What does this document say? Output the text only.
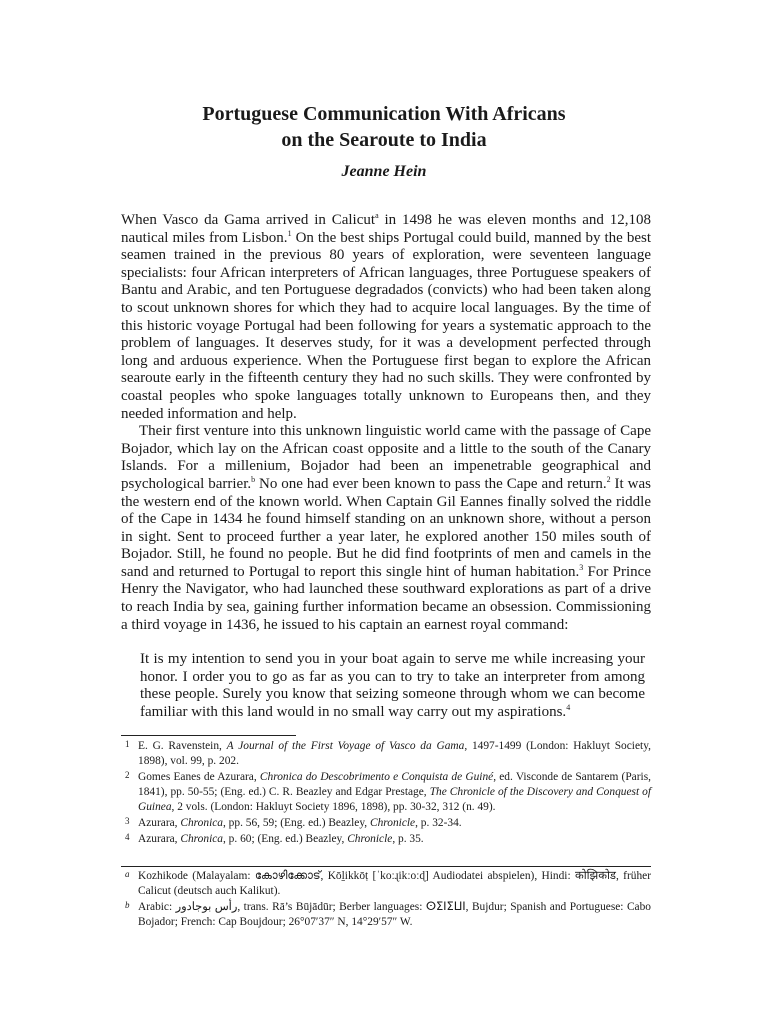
Portuguese Communication With Africans
on the Searoute to India
Jeanne Hein

When Vasco da Gama arrived in Calicut$^a$ in 1498 he was eleven months and 12,108 nautical miles from Lisbon.$^1$ On the best ships Portugal could build, manned by the best seamen trained in the previous 80 years of exploration, were seventeen language specialists: four African interpreters of African languages, three Portuguese speakers of Bantu and Arabic, and ten Portuguese degradados (convicts) who had been taken along to scout unknown shores for which they had to acquire local languages. By the time of this historic voyage Portugal had been following for years a systematic approach to the problem of languages. It deserves study, for it was a development perfected through long and arduous experience. When the Portuguese first began to explore the African searoute early in the fifteenth century they had no such skills. They were confronted by coastal peoples who spoke languages totally unknown to Europeans then, and they needed information and help.

Their first venture into this unknown linguistic world came with the passage of Cape Bojador, which lay on the African coast opposite and a little to the south of the Canary Islands. For a millenium, Bojador had been an impenetrable geographical and psychological barrier.$^b$ No one had ever been known to pass the Cape and return.$^2$ It was the western end of the known world. When Captain Gil Eannes finally solved the riddle of the Cape in 1434 he found himself standing on an unknown shore, without a person in sight. Sent to proceed further a year later, he explored another 150 miles south of Bojador. Still, he found no people. But he did find footprints of men and camels in the sand and returned to Portugal to report this single hint of human habitation.$^3$ For Prince Henry the Navigator, who had launched these southward explorations as part of a drive to reach India by sea, gaining further information became an obsession. Commissioning a third voyage in 1436, he issued to his captain an earnest royal command:

It is my intention to send you in your boat again to serve me while increasing your honor. I order you to go as far as you can to try to take an interpreter from among these people. Surely you know that seizing someone through whom we can become familiar with this land would in no small way carry out my aspirations.$^4$
1 E. G. Ravenstein, A Journal of the First Voyage of Vasco da Gama, 1497-1499 (London: Hakluyt Society, 1898), vol. 99, p. 202.
2 Gomes Eanes de Azurara, Chronica do Descobrimento e Conquista de Guiné, ed. Visconde de Santarem (Paris, 1841), pp. 50-55; (Eng. ed.) C. R. Beazley and Edgar Prestage, The Chronicle of the Discovery and Conquest of Guinea, 2 vols. (London: Hakluyt Society 1896, 1898), pp. 30-32, 312 (n. 49).
3 Azurara, Chronica, pp. 56, 59; (Eng. ed.) Beazley, Chronicle, p. 32-34.
4 Azurara, Chronica, p. 60; (Eng. ed.) Beazley, Chronicle, p. 35.
a Kozhikode (Malayalam: കോഴിക്കോട്, Kōḻikkōṭ [ˈkoːɻikːoːɖ] Audiodatei abspielen), Hindi: कोझिकोड, früher Calicut (deutsch auch Kalikut).
b Arabic: رأس بوجادور, trans. Rā’s Būjādūr; Berber languages: ⵙⵉⵏⵉⵡⵏ, Bujdur; Spanish and Portuguese: Cabo Bojador; French: Cap Boujdour; 26°07′37″ N, 14°29′57″ W.
